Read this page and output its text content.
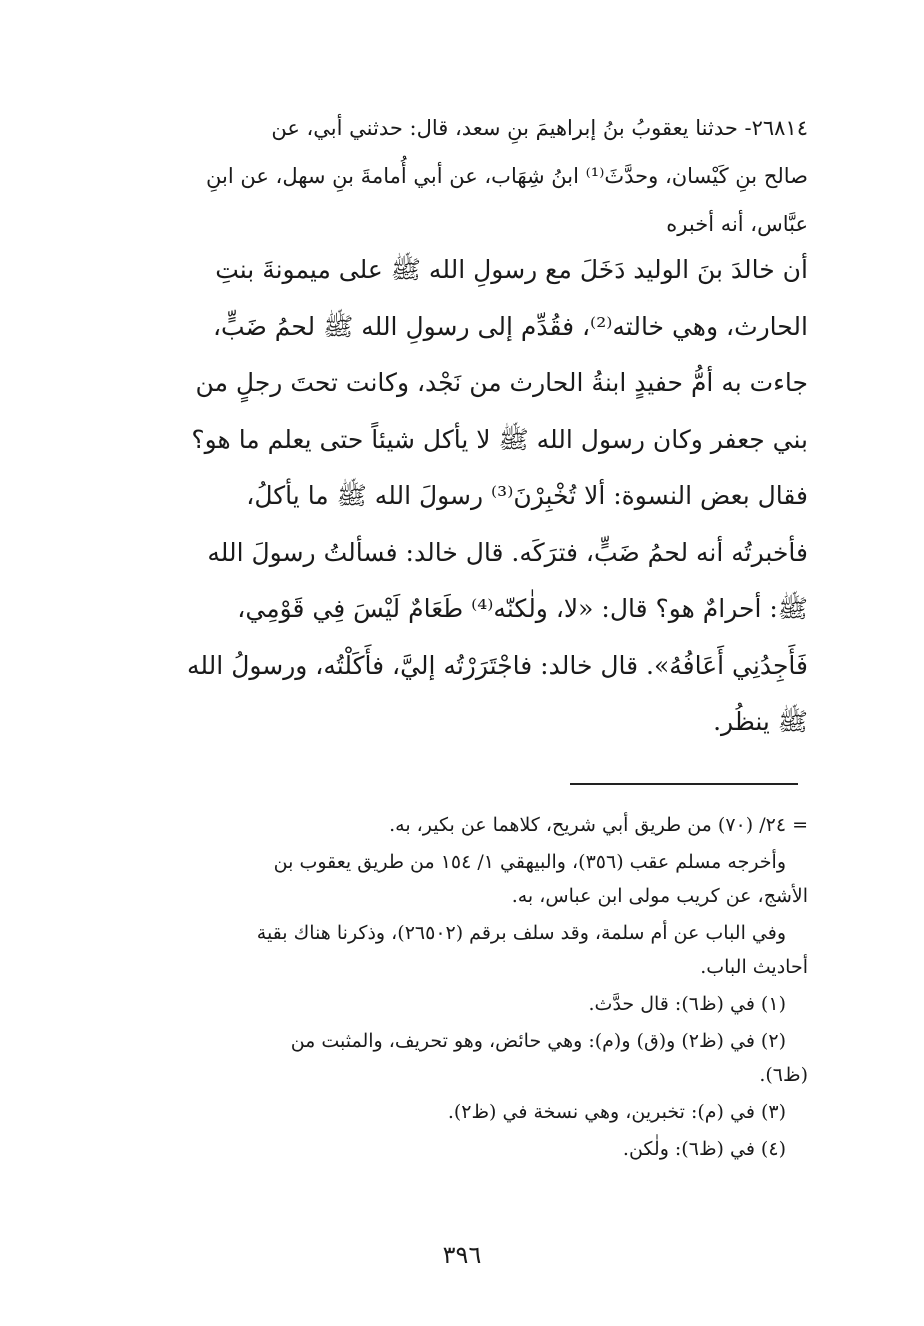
٢٦٨١٤- حدثنا يعقوبُ بنُ إبراهيمَ بنِ سعد، قال: حدثني أبي، عن
صالح بنِ كَيْسان، وحدَّثَ⁽¹⁾ ابنُ شِهَاب، عن أبي أُمامةَ بنِ سهل، عن ابنِ
عبَّاس، أنه أخبره
أن خالدَ بنَ الوليد دَخَلَ مع رسولِ الله ﷺ على ميمونةَ بنتِ
الحارث، وهي خالته⁽²⁾، فقُدِّم إلى رسولِ الله ﷺ لحمُ ضَبٍّ،
جاءت به أمُّ حفيدٍ ابنةُ الحارث من نَجْد، وكانت تحتَ رجلٍ من
بني جعفر وكان رسول الله ﷺ لا يأكل شيئاً حتى يعلم ما هو؟
فقال بعض النسوة: ألا تُخْبِرْنَ⁽³⁾ رسولَ الله ﷺ ما يأكلُ،
فأخبرتُه أنه لحمُ ضَبٍّ، فترَكَه. قال خالد: فسألتُ رسولَ الله
ﷺ: أحرامٌ هو؟ قال: «لا، ولٰكنّه⁽⁴⁾ طَعَامٌ لَيْسَ فِي قَوْمِي،
فَأَجِدُنِي أَعَافُهُ». قال خالد: فاجْتَرَرْتُه إليَّ، فأَكَلْتُه، ورسولُ الله
ﷺ ينظُر.
= ٢٤/ (٧٠) من طريق أبي شريح، كلاهما عن بكير، به.
وأخرجه مسلم عقب (٣٥٦)، والبيهقي ١/ ١٥٤ من طريق يعقوب بن
الأشج، عن كريب مولى ابن عباس، به.
وفي الباب عن أم سلمة، وقد سلف برقم (٢٦٥٠٢)، وذكرنا هناك بقية
أحاديث الباب.
(١) في (ظ٦): قال حدَّث.
(٢) في (ظ٢) و(ق) و(م): وهي حائض، وهو تحريف، والمثبت من
(ظ٦).
(٣) في (م): تخبرين، وهي نسخة في (ظ٢).
(٤) في (ظ٦): ولٰكن.
٣٩٦
